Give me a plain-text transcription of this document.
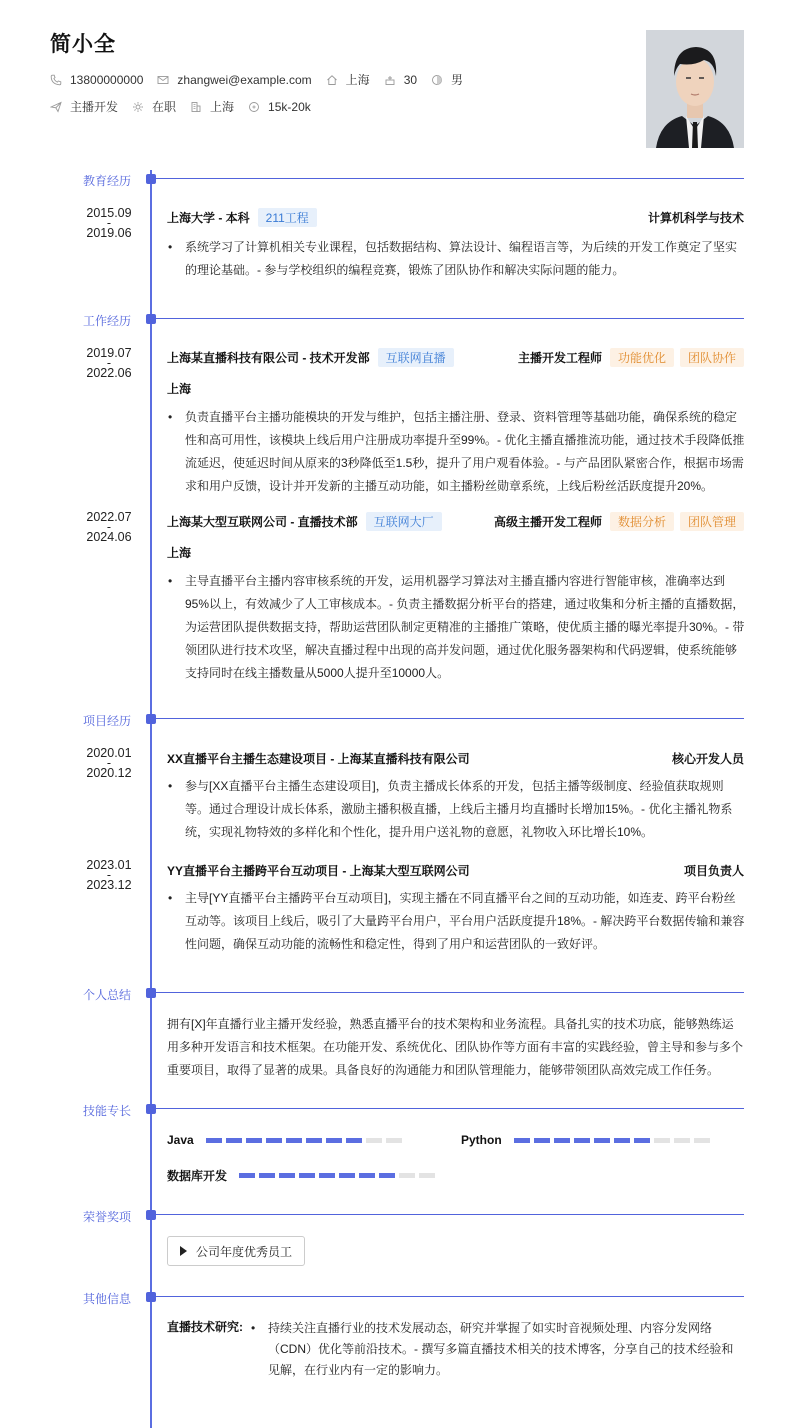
简小全
13800000000	zhangwei@example.com	上海	30	男
主播开发	在职	上海	15k-20k
教育经历
2015.09
-
2019.06
上海大学 - 本科	211工程	计算机科学与技术
• 系统学习了计算机相关专业课程，包括数据结构、算法设计、编程语言等，为后续的开发工作奠定了坚实的理论基础。- 参与学校组织的编程竞赛，锻炼了团队协作和解决实际问题的能力。
工作经历
2019.07
-
2022.06
上海某直播科技有限公司 - 技术开发部	互联网直播	主播开发工程师	功能优化	团队协作
上海
• 负责直播平台主播功能模块的开发与维护，包括主播注册、登录、资料管理等基础功能，确保系统的稳定性和高可用性，该模块上线后用户注册成功率提升至99%。- 优化主播直播推流功能，通过技术手段降低推流延迟，使延迟时间从原来的3秒降低至1.5秒，提升了用户观看体验。- 与产品团队紧密合作，根据市场需求和用户反馈，设计并开发新的主播互动功能，如主播粉丝勋章系统，上线后粉丝活跃度提升20%。
2022.07
-
2024.06
上海某大型互联网公司 - 直播技术部	互联网大厂	高级主播开发工程师	数据分析	团队管理
上海
• 主导直播平台主播内容审核系统的开发，运用机器学习算法对主播直播内容进行智能审核，准确率达到95%以上，有效减少了人工审核成本。- 负责主播数据分析平台的搭建，通过收集和分析主播的直播数据，为运营团队提供数据支持，帮助运营团队制定更精准的主播推广策略，使优质主播的曝光率提升30%。- 带领团队进行技术攻坚，解决直播过程中出现的高并发问题，通过优化服务器架构和代码逻辑，使系统能够支持同时在线主播数量从5000人提升至10000人。
项目经历
2020.01
-
2020.12
XX直播平台主播生态建设项目 - 上海某直播科技有限公司	核心开发人员
• 参与[XX直播平台主播生态建设项目]，负责主播成长体系的开发，包括主播等级制度、经验值获取规则等。通过合理设计成长体系，激励主播积极直播，上线后主播月均直播时长增加15%。- 优化主播礼物系统，实现礼物特效的多样化和个性化，提升用户送礼物的意愿，礼物收入环比增长10%。
2023.01
-
2023.12
YY直播平台主播跨平台互动项目 - 上海某大型互联网公司	项目负责人
• 主导[YY直播平台主播跨平台互动项目]，实现主播在不同直播平台之间的互动功能，如连麦、跨平台粉丝互动等。该项目上线后，吸引了大量跨平台用户，平台用户活跃度提升18%。- 解决跨平台数据传输和兼容性问题，确保互动功能的流畅性和稳定性，得到了用户和运营团队的一致好评。
个人总结
拥有[X]年直播行业主播开发经验，熟悉直播平台的技术架构和业务流程。具备扎实的技术功底，能够熟练运用多种开发语言和技术框架。在功能开发、系统优化、团队协作等方面有丰富的实践经验，曾主导和参与多个重要项目，取得了显著的成果。具备良好的沟通能力和团队管理能力，能够带领团队高效完成工作任务。
技能专长
Java	Python
数据库开发
荣誉奖项
公司年度优秀员工
其他信息
直播技术研究:
•	持续关注直播行业的技术发展动态，研究并掌握了如实时音视频处理、内容分发网络（CDN）优化等前沿技术。- 撰写多篇直播技术相关的技术博客，分享自己的技术经验和见解，在行业内有一定的影响力。
